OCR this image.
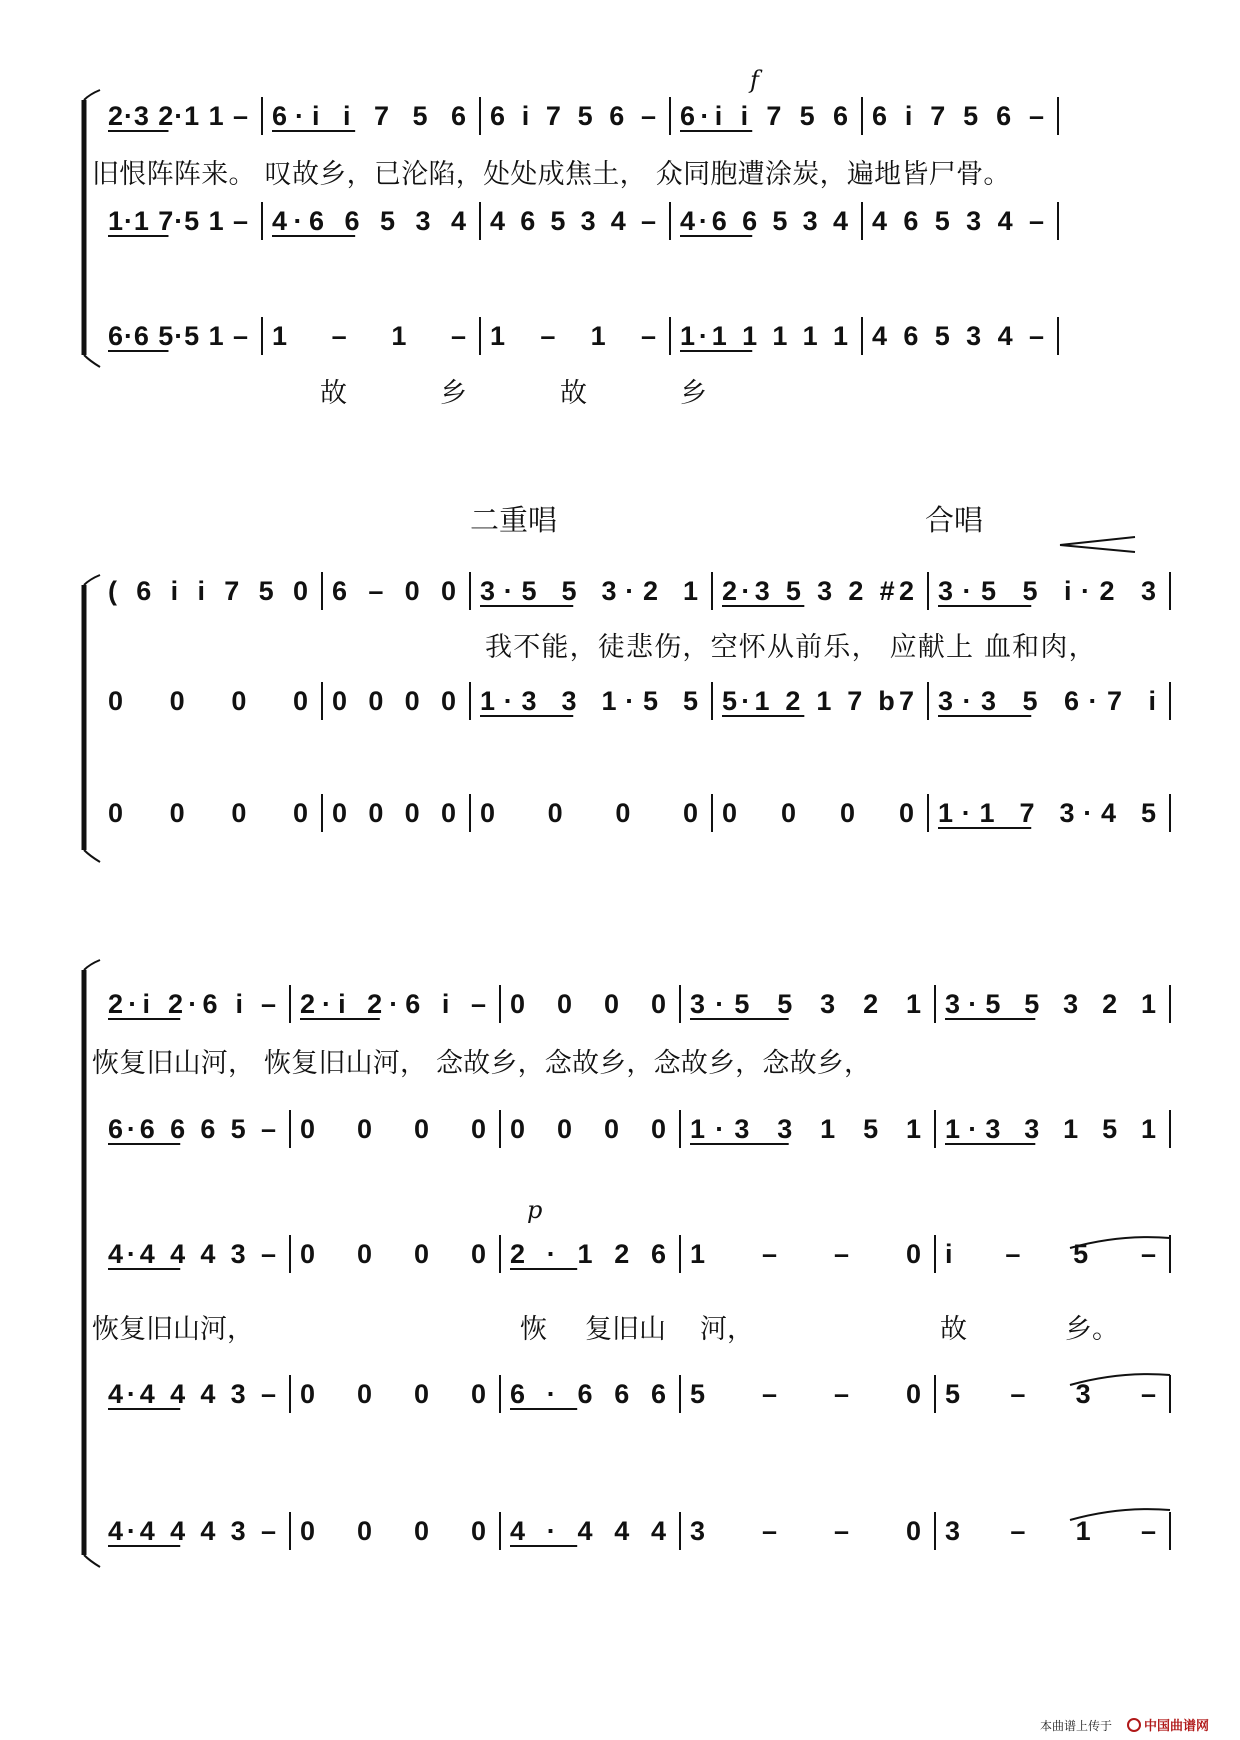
2·3 2·1 1 – 6·i i 7 5 6 6 i 7 5 6 – 6·i i 7 5 6 6 i 7 5 6 –
1·1 7·5 1 – 4·6 6 5 3 4 4 6 5 3 4 – 4·6 6 5 3 4 4 6 5 3 4 –
6·6 5·5 1 – 1 – 1 – 1 – 1 – 1·1 1 1 1 1 4 6 5 3 4 –
( 6 i i 7 5 0 6 – 0 0 3·5 5 3·2 1 2·3 5 3 2 #2 3·5 5 i·2 3
0 0 0 0 0 0 0 0 1·3 3 1·5 5 5·1 2 1 7 b7 3·3 5 6·7 i
0 0 0 0 0 0 0 0 0 0 0 0 0 0 0 0 1·1 7 3·4 5
2·i 2·6 i – 2·i 2·6 i – 0 0 0 0 3·5 5 3 2 1 3·5 5 3 2 1
6·6 6 6 5 – 0 0 0 0 0 0 0 0 1·3 3 1 5 1 1·3 3 1 5 1
4·4 4 4 3 – 0 0 0 0 2 · 1 2 6 1 – – 0 i – 5 –
4·4 4 4 3 – 0 0 0 0 6 · 6 6 6 5 – – 0 5 – 3 –
4·4 4 4 3 – 0 0 0 0 4 · 4 4 4 3 – – 0 3 – 1 –
旧恨阵阵来。 叹故乡，已沦陷，处处成焦土， 众同胞遭涂炭，遍地皆尸骨。
故	乡	故	乡
我不能，徒悲伤，空怀从前乐， 应献上 血和肉，
恢复旧山河， 恢复旧山河， 念故乡，念故乡，念故乡，念故乡，
恢复旧山河，	恢 复旧山 河，	故	乡。
二重唱	合唱
f
p
本曲谱上传于 中国曲谱网
